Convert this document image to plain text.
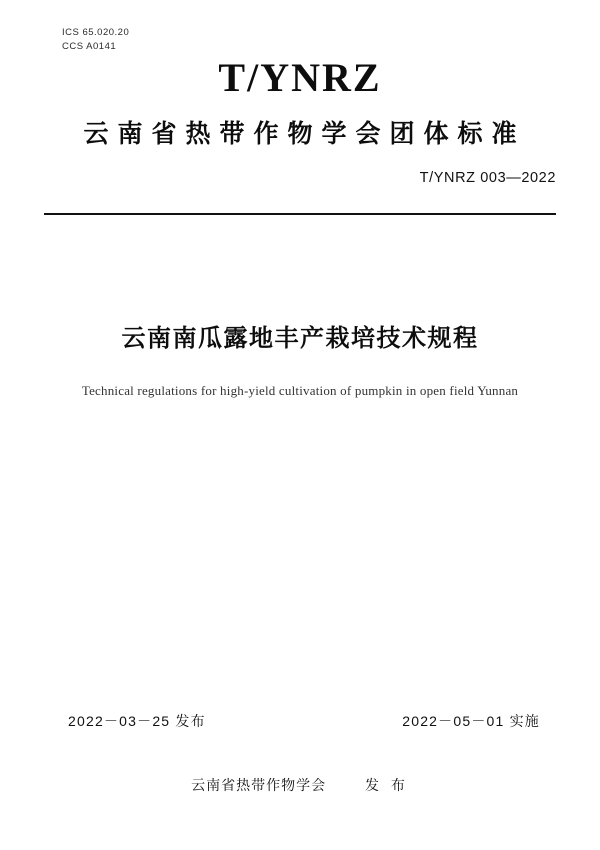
ICS 65.020.20
CCS A0141
T/YNRZ
云南省热带作物学会团体标准
T/YNRZ 003—2022
云南南瓜露地丰产栽培技术规程
Technical regulations for high-yield cultivation of pumpkin in open field Yunnan
2022－03－25 发布	2022－05－01 实施
云南省热带作物学会	发 布
